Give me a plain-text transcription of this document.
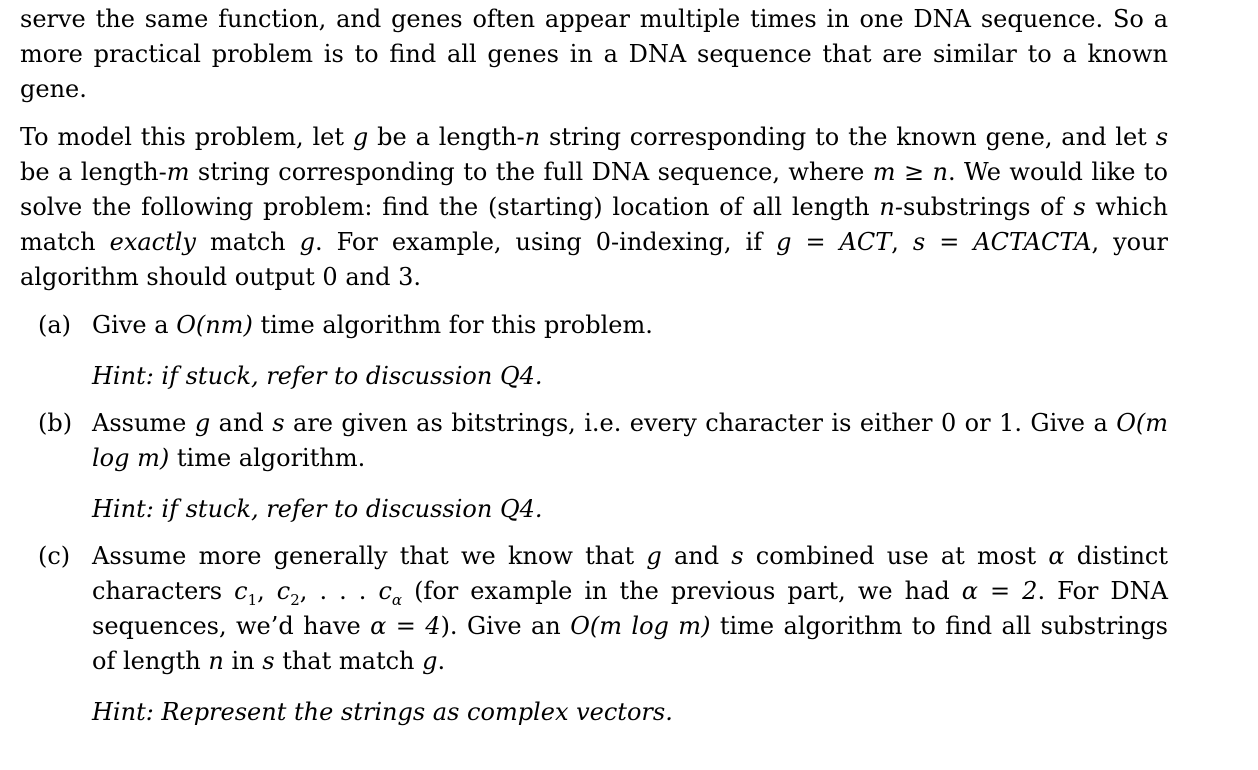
serve the same function, and genes often appear multiple times in one DNA sequence. So a more practical problem is to find all genes in a DNA sequence that are similar to a known gene.

To model this problem, let g be a length-n string corresponding to the known gene, and let s be a length-m string corresponding to the full DNA sequence, where m ≥ n. We would like to solve the following problem: find the (starting) location of all length n-substrings of s which match exactly match g. For example, using 0-indexing, if g = ACT, s = ACTACTA, your algorithm should output 0 and 3.

(a) Give a O(nm) time algorithm for this problem.
Hint: if stuck, refer to discussion Q4.
(b) Assume g and s are given as bitstrings, i.e. every character is either 0 or 1. Give a O(m log m) time algorithm.
Hint: if stuck, refer to discussion Q4.
(c) Assume more generally that we know that g and s combined use at most α distinct characters $c_1$, $c_2$, . . . $c_\alpha$ (for example in the previous part, we had α = 2. For DNA sequences, we’d have α = 4). Give an O(m log m) time algorithm to find all substrings of length n in s that match g.
Hint: Represent the strings as complex vectors.
